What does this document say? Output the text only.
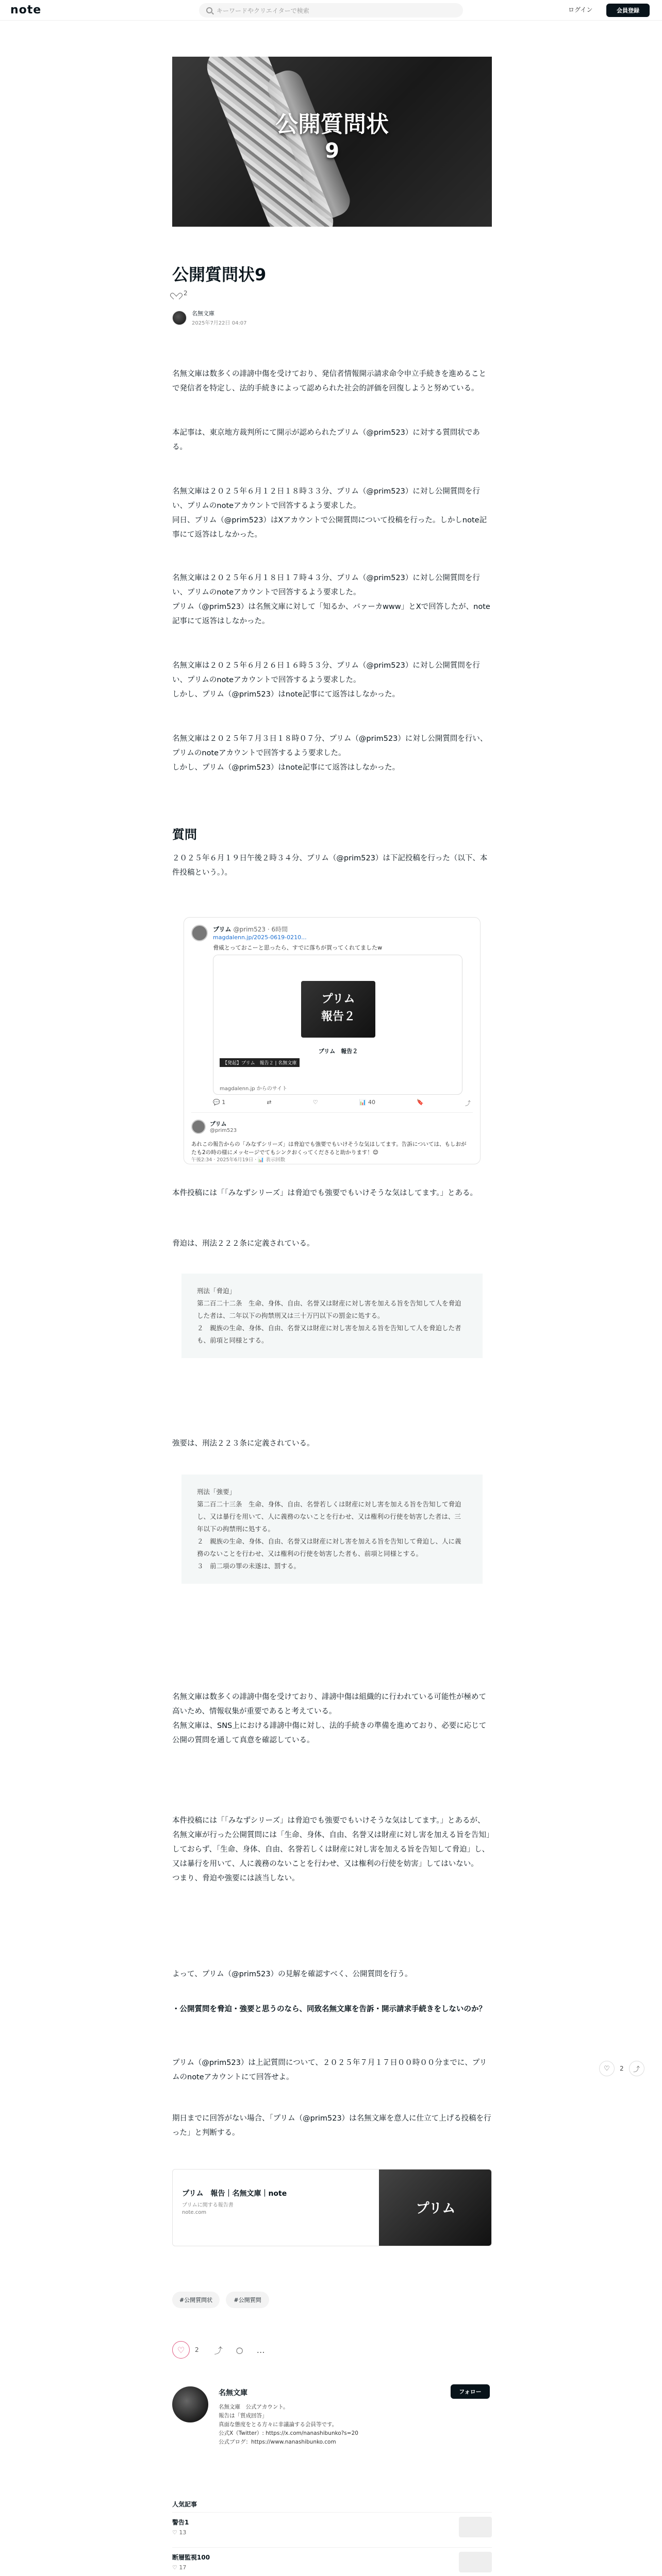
note	キーワードやクリエイターで検索	ログイン	会員登録
公開質問状
9
公開質問状9
2
名無文庫
2025年7月22日 04:07

名無文庫は数多くの誹謗中傷を受けており、発信者情報開示請求命令申立手続きを進めることで発信者を特定し、法的手続きによって認められた社会的評価を回復しようと努めている。

本記事は、東京地方裁判所にて開示が認められたプリム（@prim523）に対する質問状である。

名無文庫は２０２５年６月１２日１８時３３分、プリム（@prim523）に対し公開質問を行い、プリムのnoteアカウントで回答するよう要求した。
同日、プリム（@prim523）はXアカウントで公開質問について投稿を行った。しかしnote記事にて返答はしなかった。

名無文庫は２０２５年６月１８日１７時４３分、プリム（@prim523）に対し公開質問を行い、プリムのnoteアカウントで回答するよう要求した。
プリム（@prim523）は名無文庫に対して「知るか、バァーカwww」とXで回答したが、note記事にて返答はしなかった。

名無文庫は２０２５年６月２６日１６時５３分、プリム（@prim523）に対し公開質問を行い、プリムのnoteアカウントで回答するよう要求した。
しかし、プリム（@prim523）はnote記事にて返答はしなかった。

名無文庫は２０２５年７月３日１８時０７分、プリム（@prim523）に対し公開質問を行い、プリムのnoteアカウントで回答するよう要求した。
しかし、プリム（@prim523）はnote記事にて返答はしなかった。

質問

２０２５年６月１９日午後２時３４分、プリム（@prim523）は下記投稿を行った（以下、本件投稿という。）。

プリム @prim523 · 6時間
magdalenn.jp/2025-0619-0210...
脅威とっておこーと思ったら、すでに落ちが買ってくれてましたw
プリム
報告２
プリム　報告２
【発起】プリム　報告２ | 名無文庫
magdalenn.jp からのサイト
💬 1	⇄	♡	📊 40	🔖	⤴
プリム
@prim523
あれこの報告からの「みなずシリーズ」は脅迫でも強要でもいけそうな気はしてます。告訴については、もしおがたも2の時の様にメッセージでてもシンクおくってくださると助かります！😊
午後2:34 · 2025年6月19日 · 📊 表示回数

本件投稿には「「みなずシリーズ」は脅迫でも強要でもいけそうな気はしてます。」とある。

脅迫は、刑法２２２条に定義されている。

刑法「脅迫」
第二百二十二条　生命、身体、自由、名誉又は財産に対し害を加える旨を告知して人を脅迫した者は、二年以下の拘禁刑又は三十万円以下の罰金に処する。
２　親族の生命、身体、自由、名誉又は財産に対し害を加える旨を告知して人を脅迫した者も、前項と同様とする。

強要は、刑法２２３条に定義されている。

刑法「強要」
第二百二十三条　生命、身体、自由、名誉若しくは財産に対し害を加える旨を告知して脅迫し、又は暴行を用いて、人に義務のないことを行わせ、又は権利の行使を妨害した者は、三年以下の拘禁刑に処する。
２　親族の生命、身体、自由、名誉又は財産に対し害を加える旨を告知して脅迫し、人に義務のないことを行わせ、又は権利の行使を妨害した者も、前項と同様とする。
３　前二項の罪の未遂は、罰する。

名無文庫は数多くの誹謗中傷を受けており、誹謗中傷は組織的に行われている可能性が極めて高いため、情報収集が重要であると考えている。
名無文庫は、SNS上における誹謗中傷に対し、法的手続きの準備を進めており、必要に応じて公開の質問を通して真意を確認している。

本件投稿には「「みなずシリーズ」は脅迫でも強要でもいけそうな気はしてます。」とあるが、名無文庫が行った公開質問には「生命、身体、自由、名誉又は財産に対し害を加える旨を告知」しておらず、「生命、身体、自由、名誉若しくは財産に対し害を加える旨を告知して脅迫」し、又は暴行を用いて、人に義務のないことを行わせ、又は権利の行使を妨害」してはいない。
つまり、脅迫や強要には該当しない。

よって、プリム（@prim523）の見解を確認すべく、公開質問を行う。

・公開質問を脅迫・強要と思うのなら、同致名無文庫を告訴・開示請求手続きをしないのか？

プリム（@prim523）は上記質問について、２０２５年７月１７日００時００分までに、プリムのnoteアカウントにて回答せよ。

期日までに回答がない場合、「プリム（@prim523）は名無文庫を意人に仕立て上げる投稿を行った」と判断する。

プリム　報告｜名無文庫｜note
プリムに関する報告書
note.com	プリム
#公開質問状	#公開質問
♡	2 ⤴ ○ …
名無文庫	フォロー
名無文庫　公式アカウント。
報告は「質成回答」
真面な態度をとる方々に非議論する会員等です。
公式X（Twitter）: https://x.com/nanashibunko?s=20
公式ブログ：https://www.nanashibunko.com
人気記事
警告1
♡ 13
断層監視100
♡ 17
♡	2	⤴
